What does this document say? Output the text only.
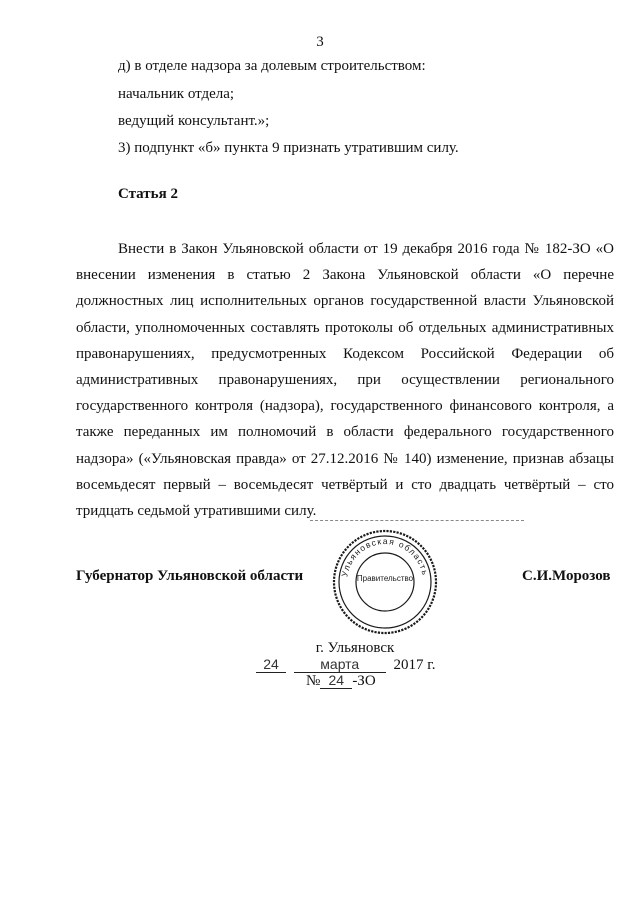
3
д) в отделе надзора за долевым строительством:
начальник отдела;
ведущий консультант.»;
3) подпункт «б» пункта 9 признать утратившим силу.
Статья 2

Внести в Закон Ульяновской области от 19 декабря 2016 года № 182-ЗО «О внесении изменения в статью 2 Закона Ульяновской области «О перечне должностных лиц исполнительных органов государственной власти Ульяновской области, уполномоченных составлять протоколы об отдельных административных правонарушениях, предусмотренных Кодексом Российской Федерации об административных правонарушениях, при осуществлении регионального государственного контроля (надзора), государственного финансового контроля, а также переданных им полномочий в области федерального государственного надзора» («Ульяновская правда» от 27.12.2016 № 140) изменение, признав абзацы восемьдесят первый – восемьдесят четвёртый и сто двадцать четвёртый – сто тридцать седьмой утратившими силу.

Губернатор Ульяновской области	Ульяновская область
Правительство	С.И.Морозов
г. Ульяновск
24	марта 2017 г.
№ 24 -ЗО
